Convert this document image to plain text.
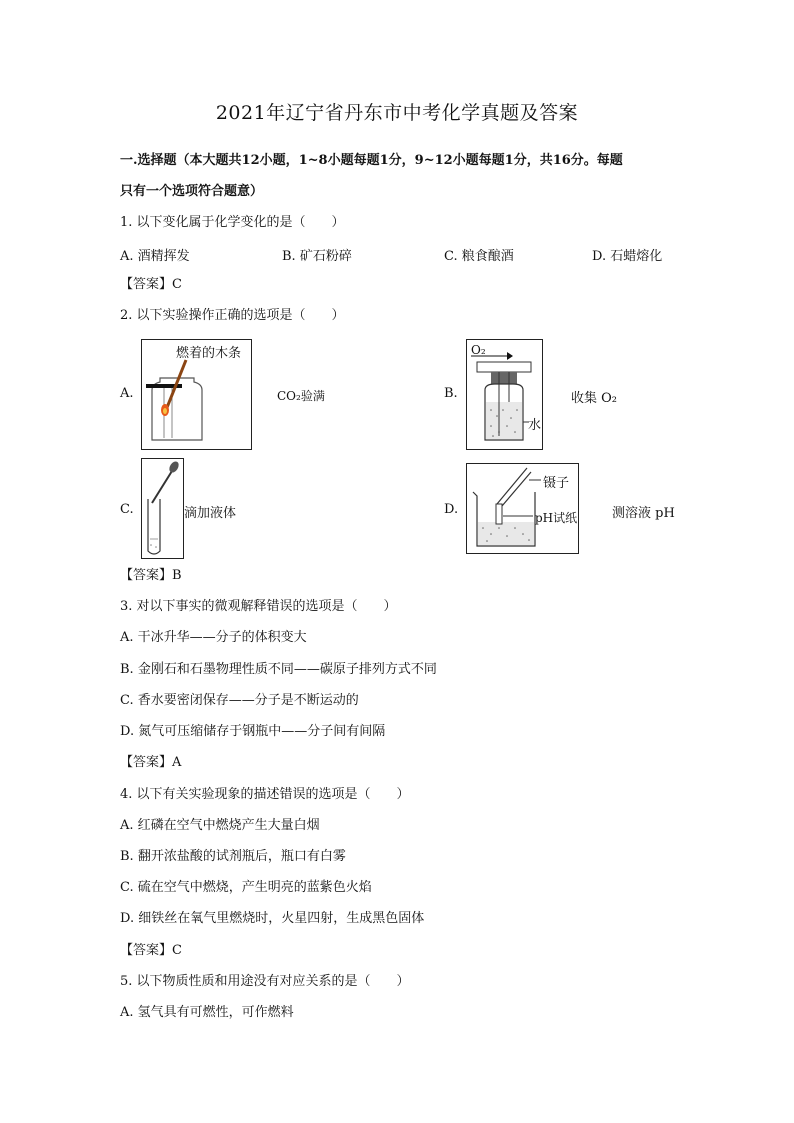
2021年辽宁省丹东市中考化学真题及答案
一.选择题（本大题共12小题，1~8小题每题1分，9~12小题每题1分，共16分。每题
只有一个选项符合题意）
1. 以下变化属于化学变化的是（　　）
A. 酒精挥发	B. 矿石粉碎	C. 粮食酿酒	D. 石蜡熔化
【答案】C
2. 以下实验操作正确的选项是（　　）
A.
燃着的木条
CO₂验满	B.
O₂
水
收集 O₂
C.	滴加液体	D.
镊子
pH试纸	测溶液 pH
【答案】B
3. 对以下事实的微观解释错误的选项是（　　）
A. 干冰升华——分子的体积变大
B. 金刚石和石墨物理性质不同——碳原子排列方式不同
C. 香水要密闭保存——分子是不断运动的
D. 氮气可压缩储存于钢瓶中——分子间有间隔
【答案】A
4. 以下有关实验现象的描述错误的选项是（　　）
A. 红磷在空气中燃烧产生大量白烟
B. 翻开浓盐酸的试剂瓶后，瓶口有白雾
C. 硫在空气中燃烧，产生明亮的蓝紫色火焰
D. 细铁丝在氧气里燃烧时，火星四射，生成黑色固体
【答案】C
5. 以下物质性质和用途没有对应关系的是（　　）
A. 氢气具有可燃性，可作燃料
